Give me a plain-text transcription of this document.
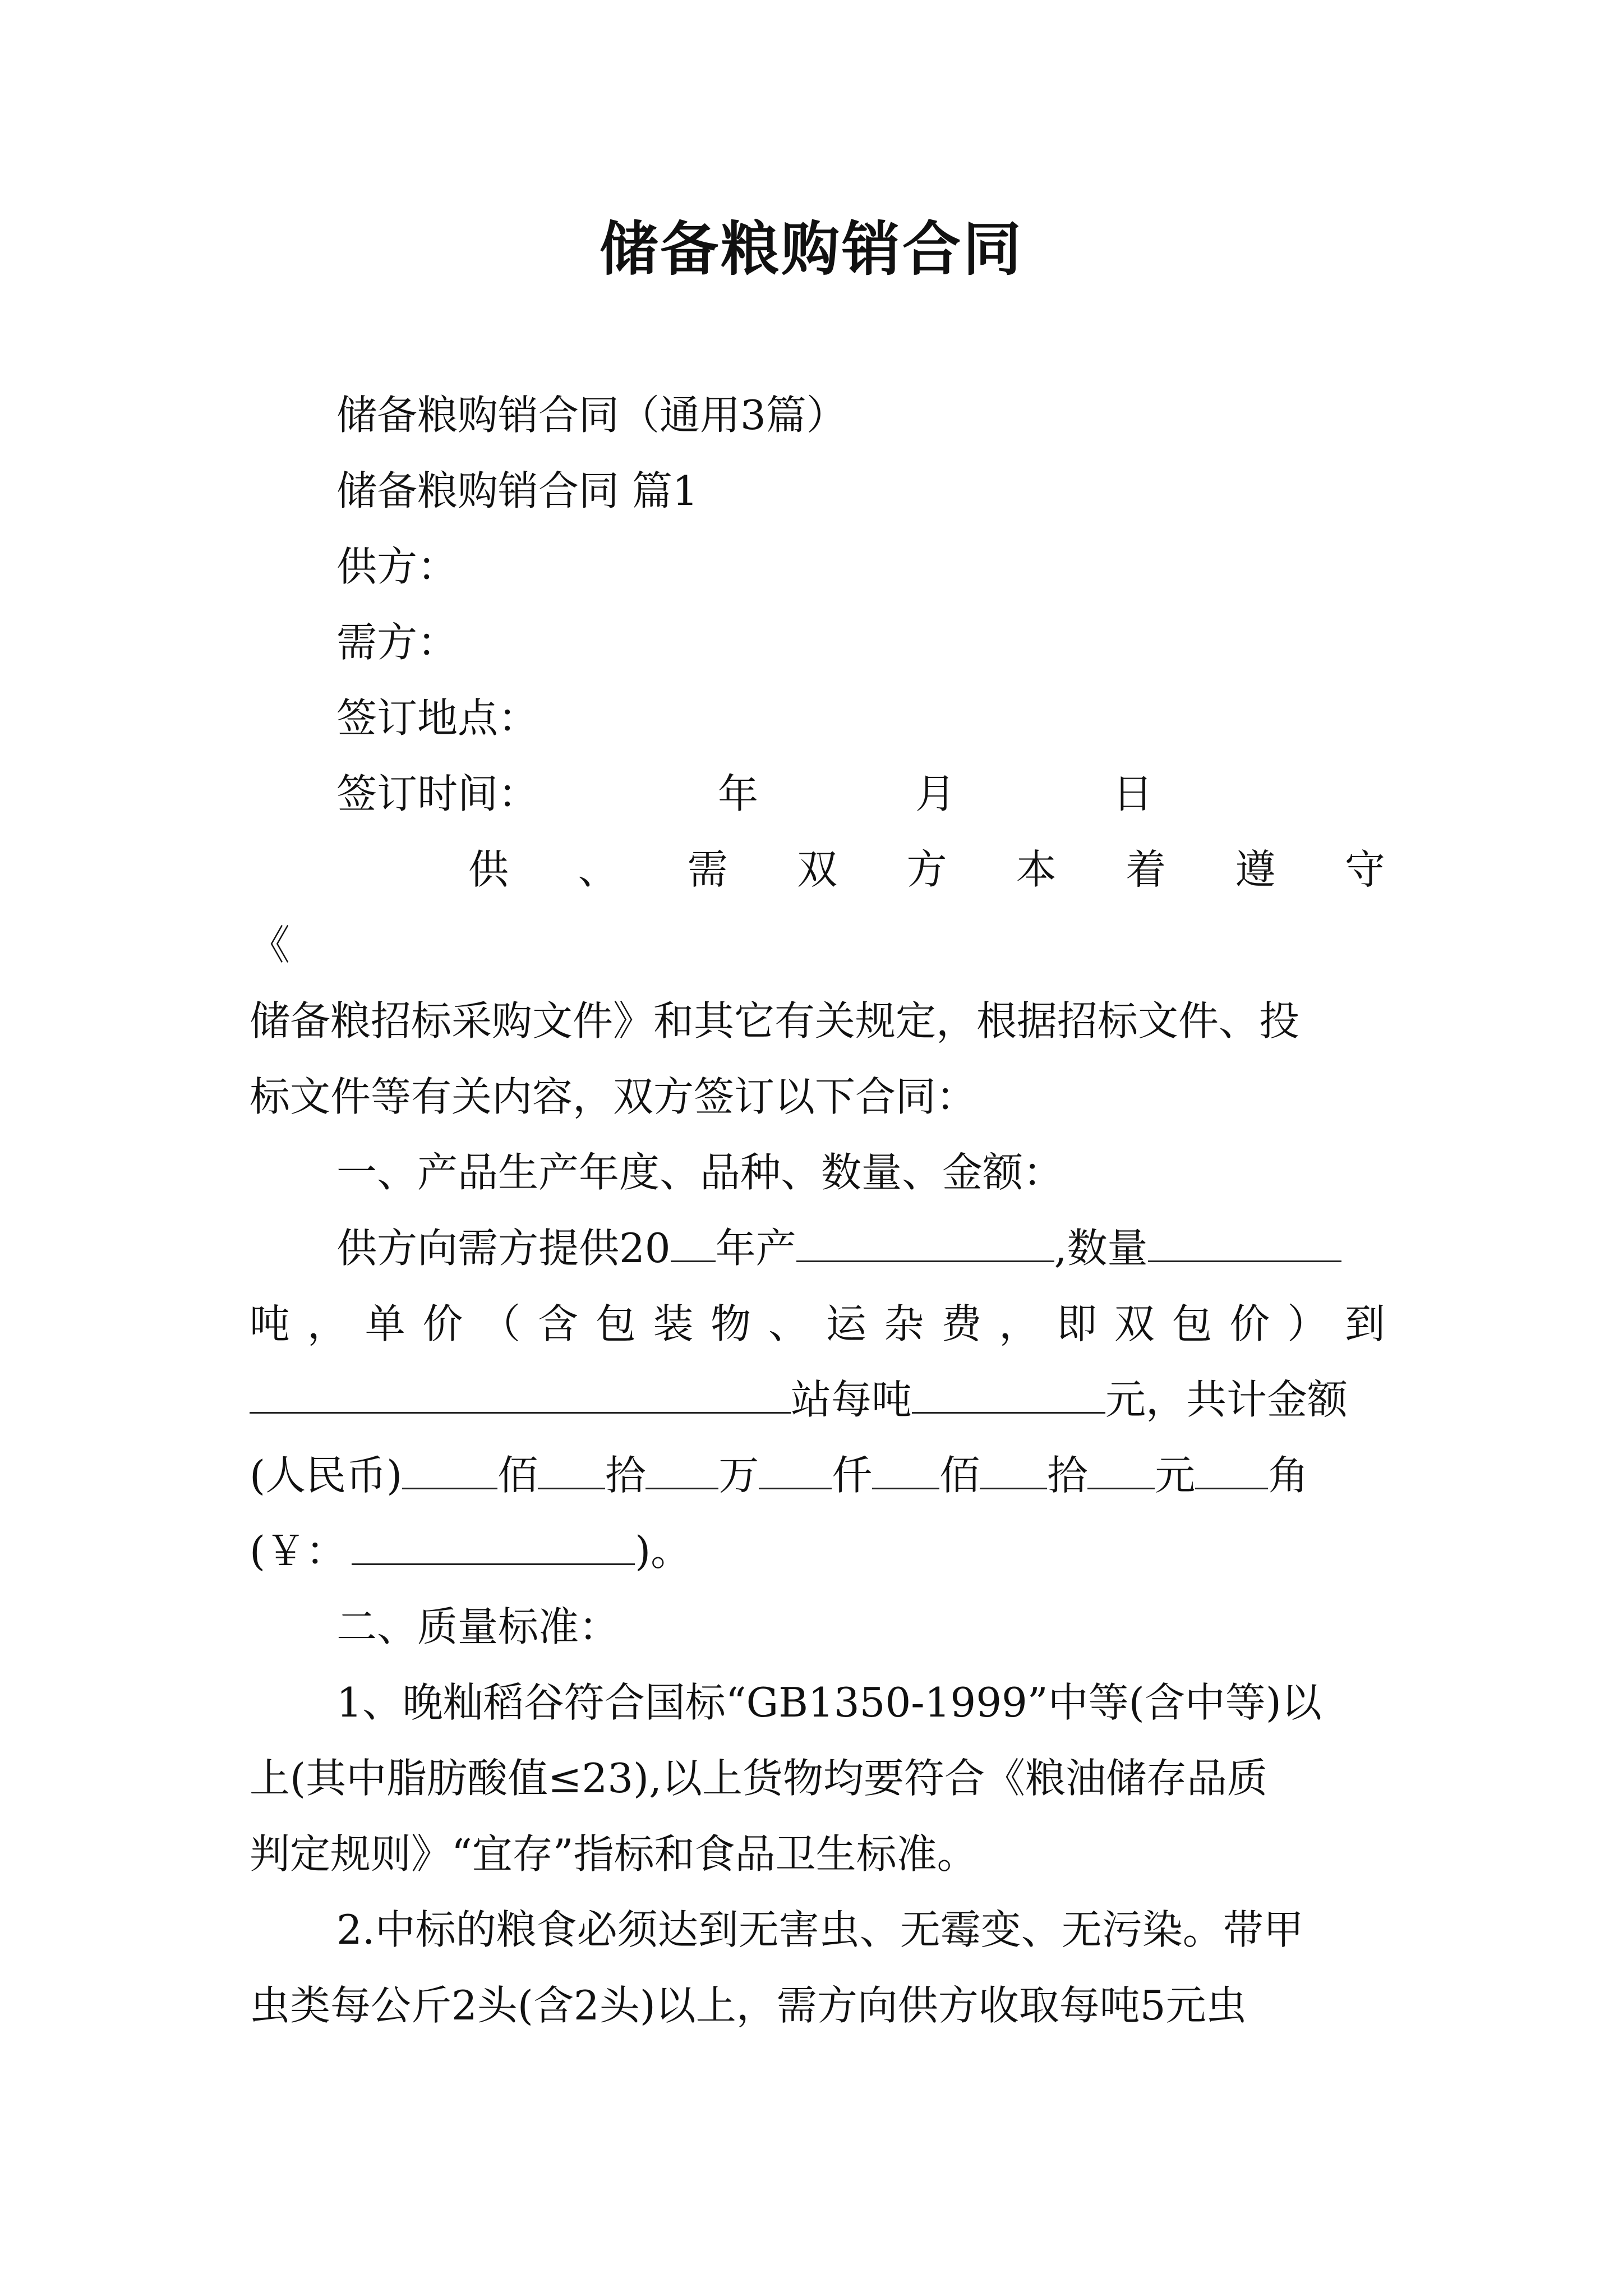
储备粮购销合同
储备粮购销合同（通用3篇）
储备粮购销合同 篇1
供方：
需方：
签订地点：
签订时间：	年	月	日
供 、 需 双 方 本 着 遵 守
《
储备粮招标采购文件》和其它有关规定，根据招标文件、投
标文件等有关内容，双方签订以下合同：
一、产品生产年度、品种、数量、金额：
供方向需方提供20 年产	,数量
吨 ， 单 价 （ 含 包 装 物 、 运 杂 费 ， 即 双 包 价 ） 到
站每吨	元，共计金额
(人民币) 佰 拾 万 仟 佰 拾 元 角
(￥：	)。
二、质量标准：
1、晚籼稻谷符合国标“GB1350-1999”中等(含中等)以
上(其中脂肪酸值≤23),以上货物均要符合《粮油储存品质
判定规则》“宜存”指标和食品卫生标准。
2.中标的粮食必须达到无害虫、无霉变、无污染。带甲
虫类每公斤2头(含2头)以上，需方向供方收取每吨5元虫
